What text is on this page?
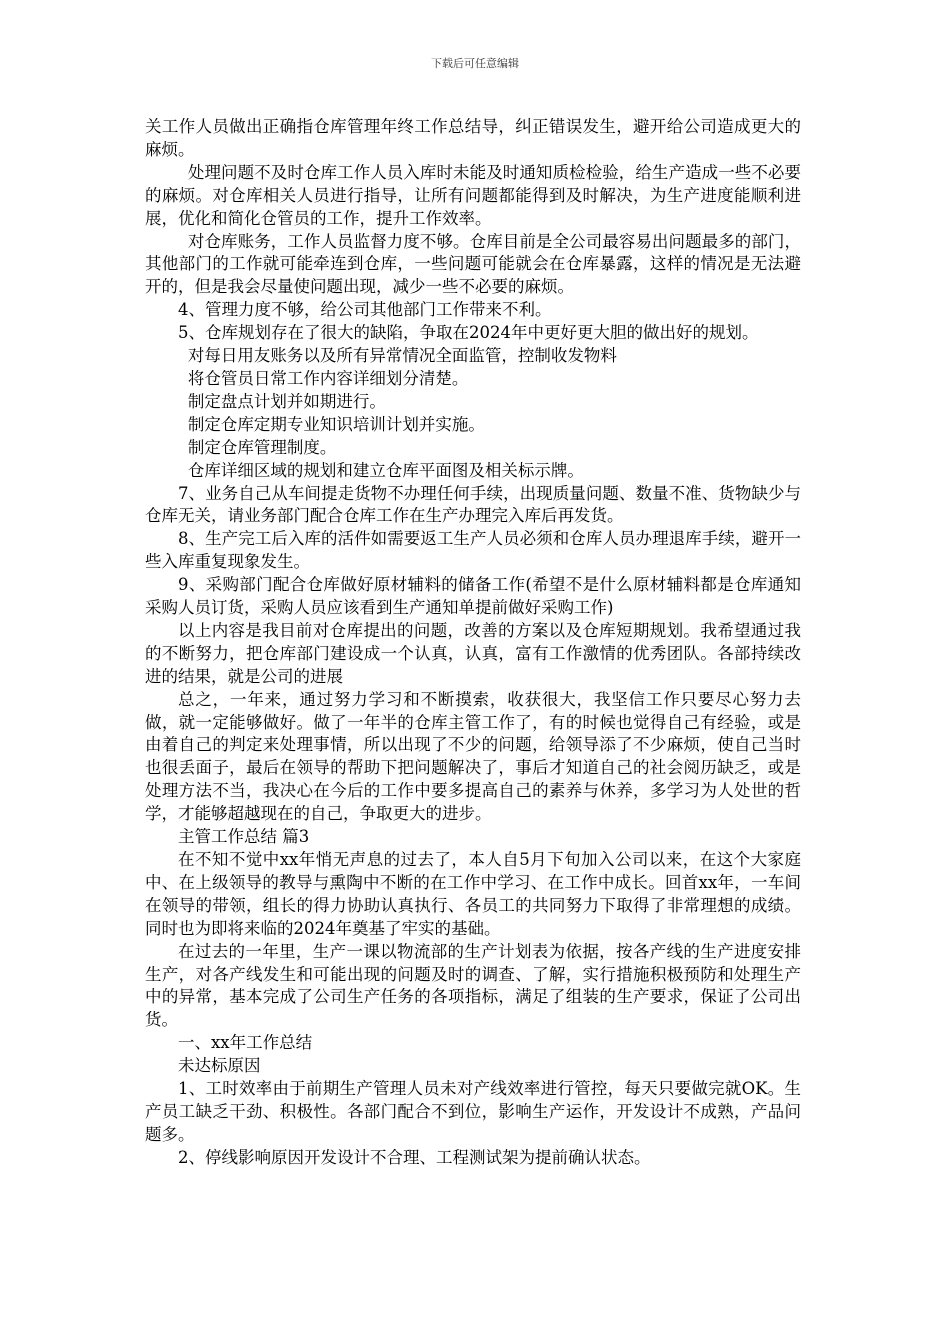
下载后可任意编辑

关工作人员做出正确指仓库管理年终工作总结导，纠正错误发生，避开给公司造成更大的麻烦。

处理问题不及时仓库工作人员入库时未能及时通知质检检验，给生产造成一些不必要的麻烦。对仓库相关人员进行指导，让所有问题都能得到及时解决，为生产进度能顺利进展，优化和简化仓管员的工作，提升工作效率。

对仓库账务，工作人员监督力度不够。仓库目前是全公司最容易出问题最多的部门，其他部门的工作就可能牵连到仓库，一些问题可能就会在仓库暴露，这样的情况是无法避开的，但是我会尽量使问题出现，减少一些不必要的麻烦。

4、管理力度不够，给公司其他部门工作带来不利。

5、仓库规划存在了很大的缺陷，争取在2024年中更好更大胆的做出好的规划。

对每日用友账务以及所有异常情况全面监管，控制收发物料

将仓管员日常工作内容详细划分清楚。

制定盘点计划并如期进行。

制定仓库定期专业知识培训计划并实施。

制定仓库管理制度。

仓库详细区域的规划和建立仓库平面图及相关标示牌。

7、业务自己从车间提走货物不办理任何手续，出现质量问题、数量不准、货物缺少与仓库无关，请业务部门配合仓库工作在生产办理完入库后再发货。

8、生产完工后入库的活件如需要返工生产人员必须和仓库人员办理退库手续，避开一些入库重复现象发生。

9、采购部门配合仓库做好原材辅料的储备工作(希望不是什么原材辅料都是仓库通知采购人员订货，采购人员应该看到生产通知单提前做好采购工作)

以上内容是我目前对仓库提出的问题，改善的方案以及仓库短期规划。我希望通过我的不断努力，把仓库部门建设成一个认真，认真，富有工作激情的优秀团队。各部持续改进的结果，就是公司的进展

总之，一年来，通过努力学习和不断摸索，收获很大，我坚信工作只要尽心努力去做，就一定能够做好。做了一年半的仓库主管工作了，有的时候也觉得自己有经验，或是由着自己的判定来处理事情，所以出现了不少的问题，给领导添了不少麻烦，使自己当时也很丢面子，最后在领导的帮助下把问题解决了，事后才知道自己的社会阅历缺乏，或是处理方法不当，我决心在今后的工作中要多提高自己的素养与休养，多学习为人处世的哲学，才能够超越现在的自己，争取更大的进步。

主管工作总结 篇3

在不知不觉中xx年悄无声息的过去了，本人自5月下旬加入公司以来，在这个大家庭中、在上级领导的教导与熏陶中不断的在工作中学习、在工作中成长。回首xx年，一车间在领导的带领，组长的得力协助认真执行、各员工的共同努力下取得了非常理想的成绩。同时也为即将来临的2024年奠基了牢实的基础。

在过去的一年里，生产一课以物流部的生产计划表为依据，按各产线的生产进度安排生产，对各产线发生和可能出现的问题及时的调查、了解，实行措施积极预防和处理生产中的异常，基本完成了公司生产任务的各项指标，满足了组装的生产要求，保证了公司出货。

一、xx年工作总结

未达标原因

1、工时效率由于前期生产管理人员未对产线效率进行管控，每天只要做完就OK。生产员工缺乏干劲、积极性。各部门配合不到位，影响生产运作，开发设计不成熟，产品问题多。

2、停线影响原因开发设计不合理、工程测试架为提前确认状态。
